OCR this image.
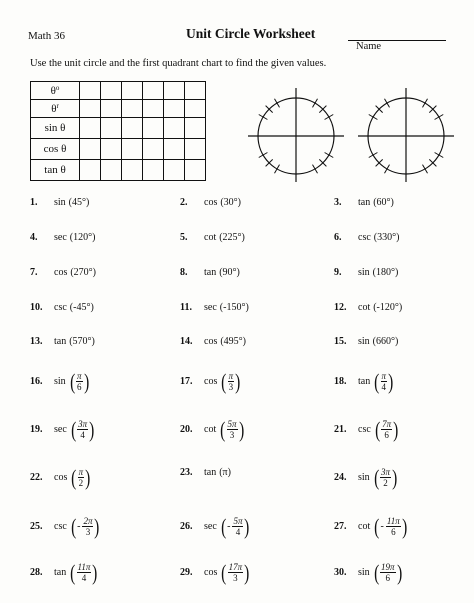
Math 36	Unit Circle Worksheet
Name
Use the unit circle and the first quadrant chart to find the given values.
$\theta^o$						
$\theta^r$						
sin θ						
cos θ						
tan θ						
1.	sin (45°)	2.	cos (30°)	3.	tan (60°)
4.	sec (120°)	5.	cot (225°)	6.	csc (330°)
7.	cos (270°)	8.	tan (90°)	9.	sin (180°)
10.	csc (-45°)	11.	sec (-150°)	12.	cot (-120°)
13.	tan (570°)	14.	cos (495°)	15.	sin (660°)
16.	sin ( $\frac{\pi}{6}$ )	17.	cos ( $\frac{\pi}{3}$ )	18.	tan ( $\frac{\pi}{4}$ )
19.	sec ( $\frac{3\pi}{4}$ )	20.	cot ( $\frac{5\pi}{3}$ )	21.	csc ( $\frac{7\pi}{6}$ )
22.	cos ( $\frac{\pi}{2}$ )	23.	tan (π)	24.	sin ( $\frac{3\pi}{2}$ )
25.	csc ( - $\frac{2\pi}{3}$ )	26.	sec ( - $\frac{5\pi}{4}$ )	27.	cot ( - $\frac{11\pi}{6}$ )
28.	tan ( $\frac{11\pi}{4}$ )	29.	cos ( $\frac{17\pi}{3}$ )	30.	sin ( $\frac{19\pi}{6}$ )
